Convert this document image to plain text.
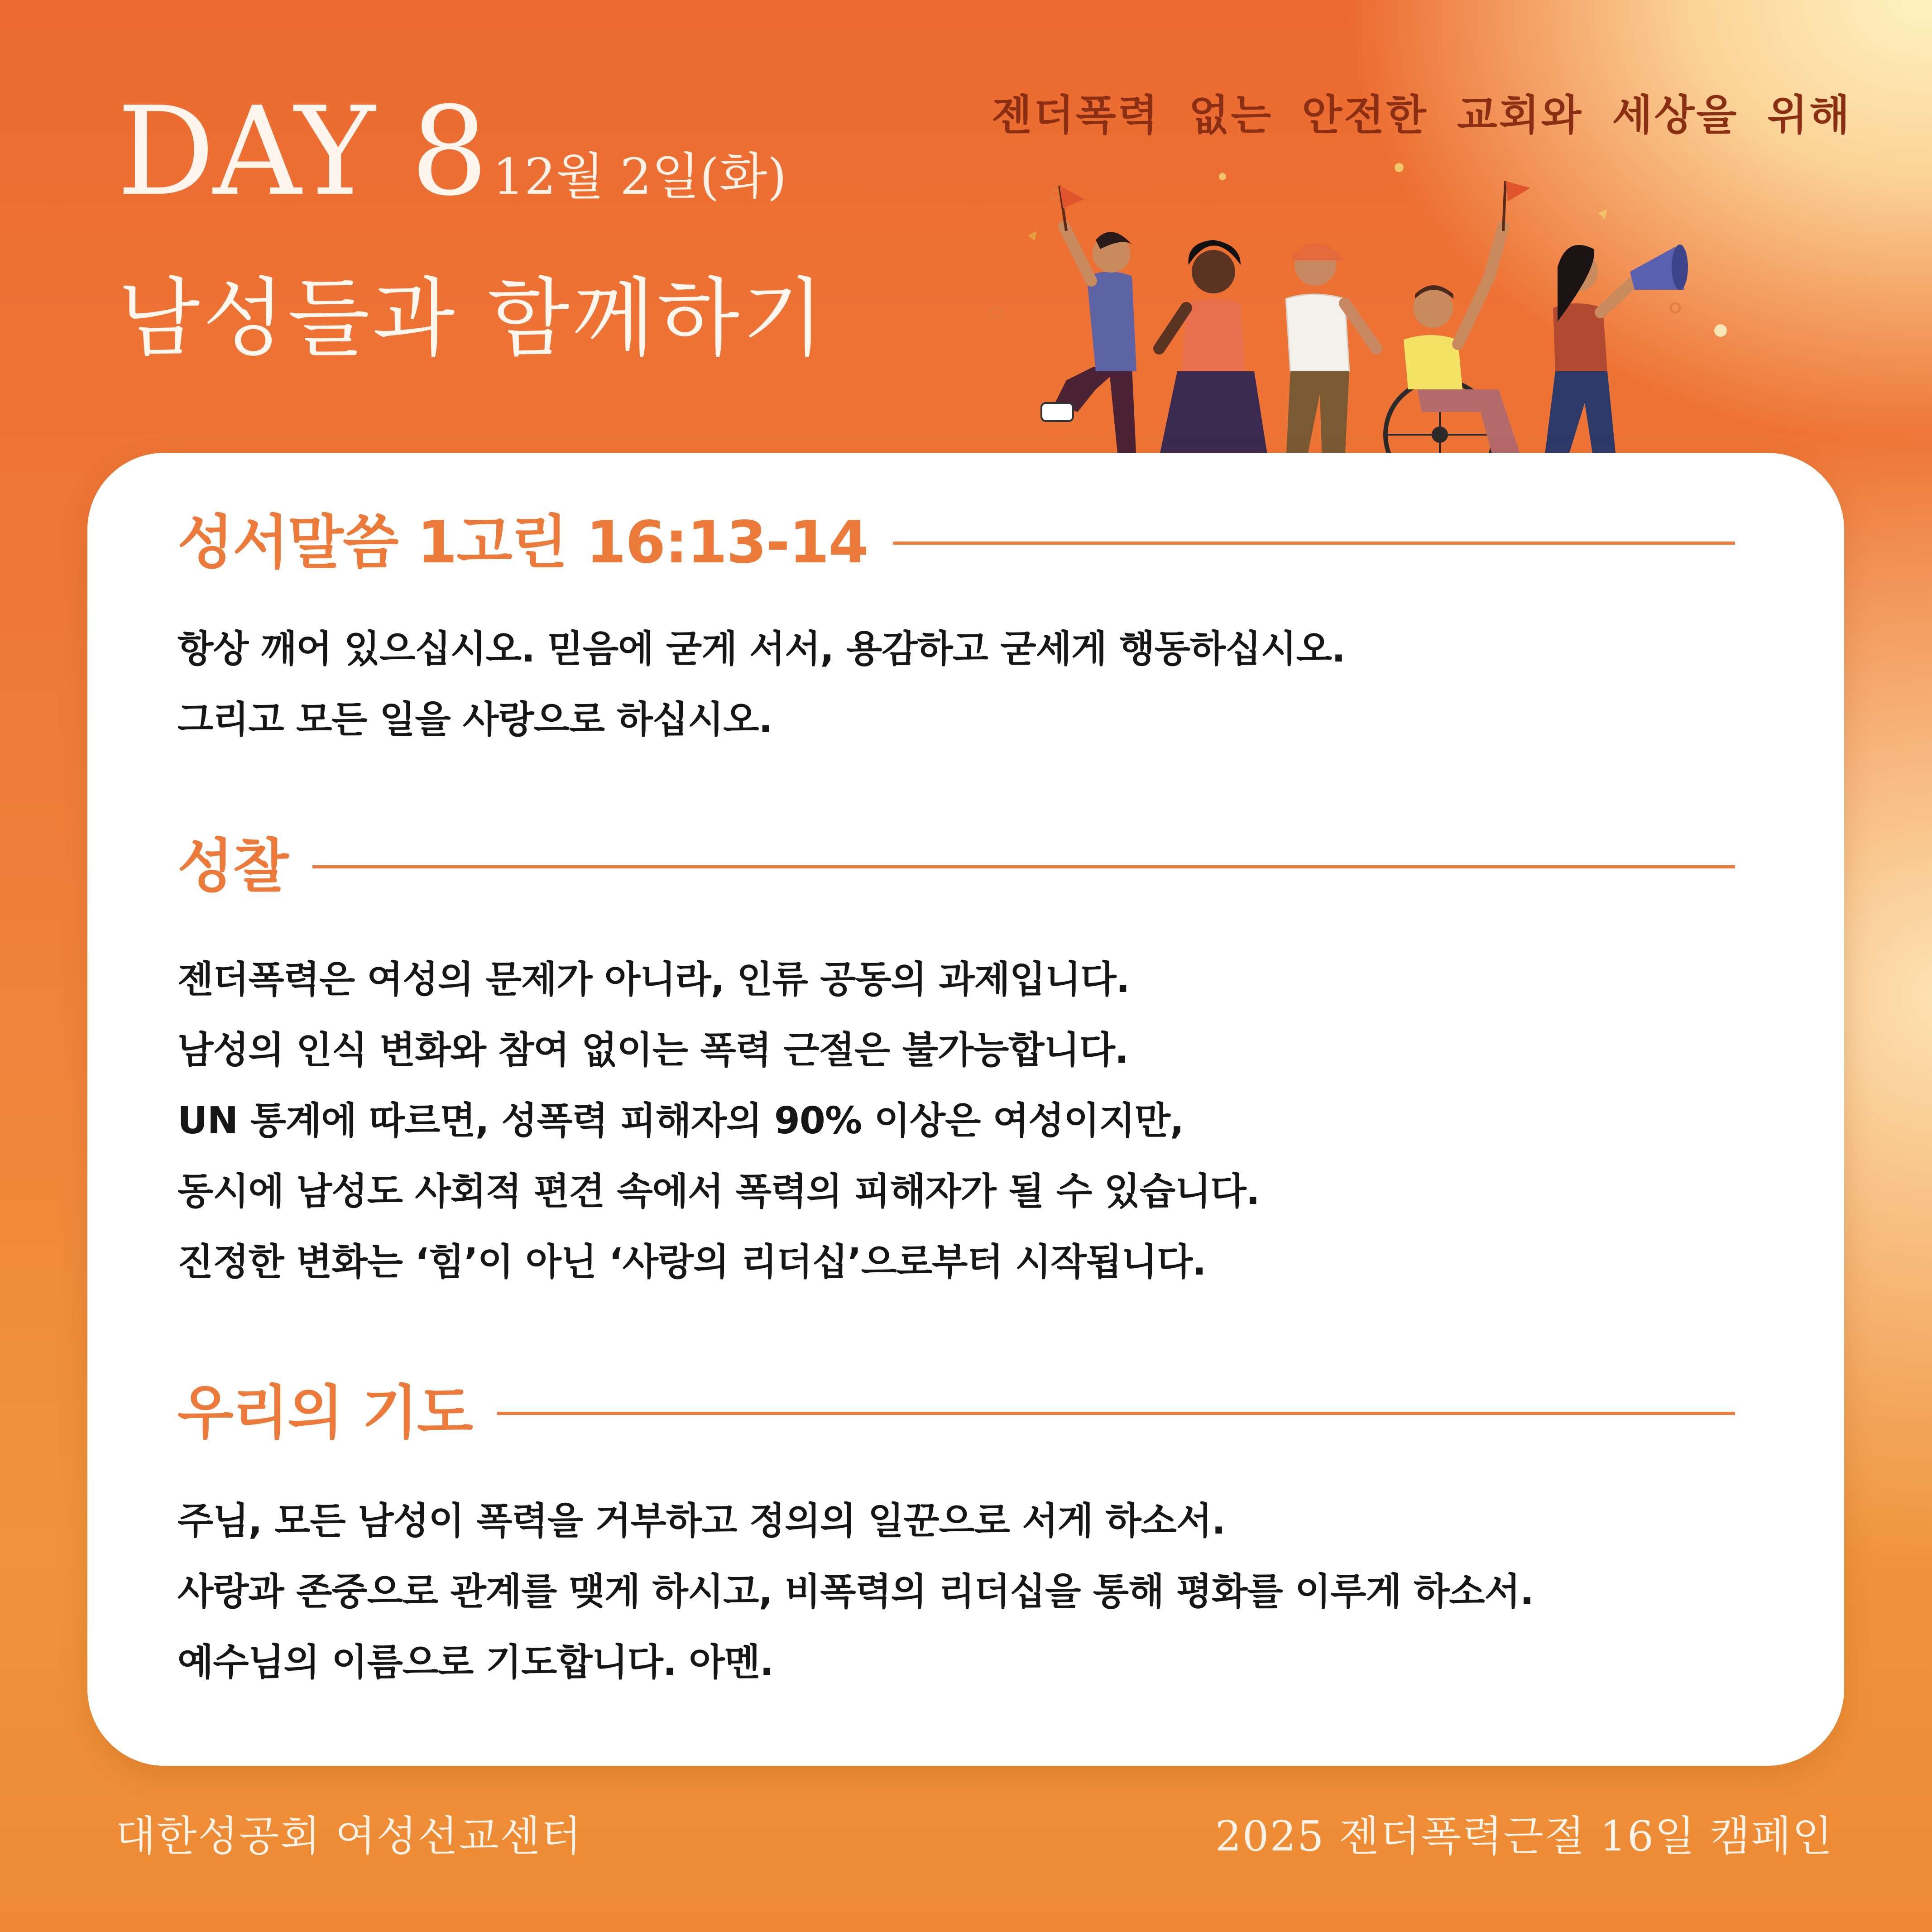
DAY 8 12월 2일(화)
남성들과 함께하기
젠더폭력 없는 안전한 교회와 세상을 위해
성서말씀 1고린 16:13-14
항상 깨어 있으십시오. 믿음에 굳게 서서, 용감하고 굳세게 행동하십시오.
그리고 모든 일을 사랑으로 하십시오.
성찰
젠더폭력은 여성의 문제가 아니라, 인류 공동의 과제입니다.
남성의 인식 변화와 참여 없이는 폭력 근절은 불가능합니다.
UN 통계에 따르면, 성폭력 피해자의 90% 이상은 여성이지만,
동시에 남성도 사회적 편견 속에서 폭력의 피해자가 될 수 있습니다.
진정한 변화는 ‘힘’이 아닌 ‘사랑의 리더십’으로부터 시작됩니다.
우리의 기도
주님, 모든 남성이 폭력을 거부하고 정의의 일꾼으로 서게 하소서.
사랑과 존중으로 관계를 맺게 하시고, 비폭력의 리더십을 통해 평화를 이루게 하소서.
예수님의 이름으로 기도합니다. 아멘.
대한성공회 여성선교센터	2025 젠더폭력근절 16일 캠페인
